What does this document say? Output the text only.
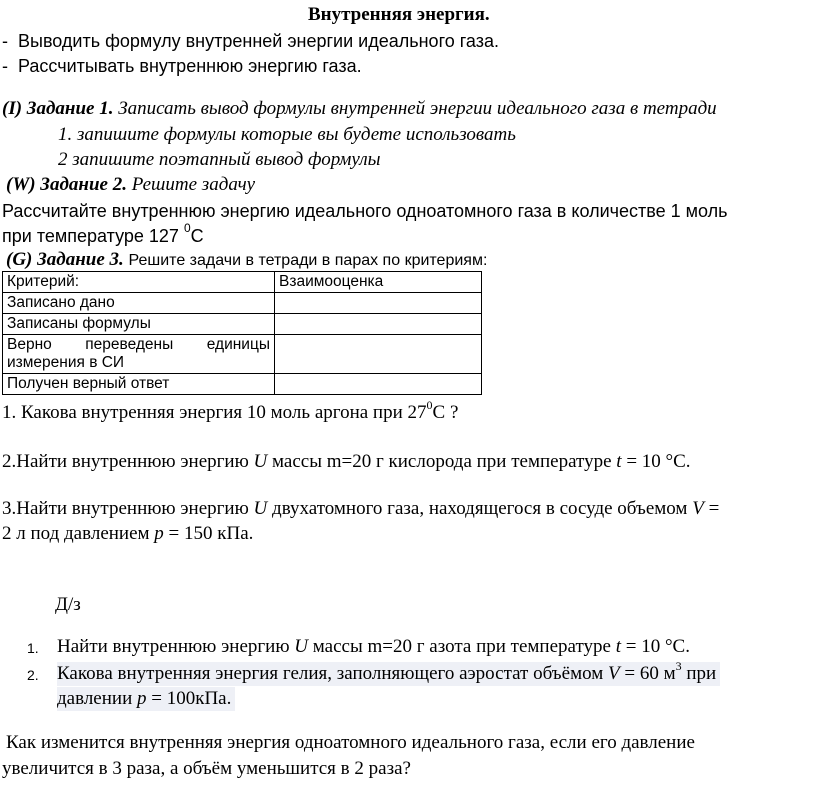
Внутренняя энергия.
-  Выводить формулу внутренней энергии идеального газа.
-  Рассчитывать внутреннюю энергию газа.
(I) Задание 1. Записать вывод формулы внутренней энергии идеального газа в тетради
1. запишите формулы которые вы будете использовать
2 запишите поэтапный вывод формулы
(W) Задание 2. Решите задачу
Рассчитайте внутреннюю энергию идеального одноатомного газа в количестве 1 моль
при температуре 127 $^0$С
(G) Задание 3. Решите задачи в тетради в парах по критериям:
Критерий:	Взаимооценка
Записано дано	
Записаны формулы	

Верно переведены единицы
измерения в СИ	

Получен верный ответ	
1. Какова внутренняя энергия 10 моль аргона при $27^0С$ ?
2.Найти внутреннюю энергию U массы m=20 г кислорода при температуре t = 10 °С.
3.Найти внутреннюю энергию U двухатомного газа, находящегося в сосуде объемом V =
2 л под давлением p = 150 кПа.
Д/з
1. Найти внутреннюю энергию U массы m=20 г азота при температуре t = 10 °С.
2. Какова внутренняя энергия гелия, заполняющего аэростат объёмом V = 60 $м^3$ при
давлении p = 100кПа.
Как изменится внутренняя энергия одноатомного идеального газа, если его давление
увеличится в 3 раза, а объём уменьшится в 2 раза?
